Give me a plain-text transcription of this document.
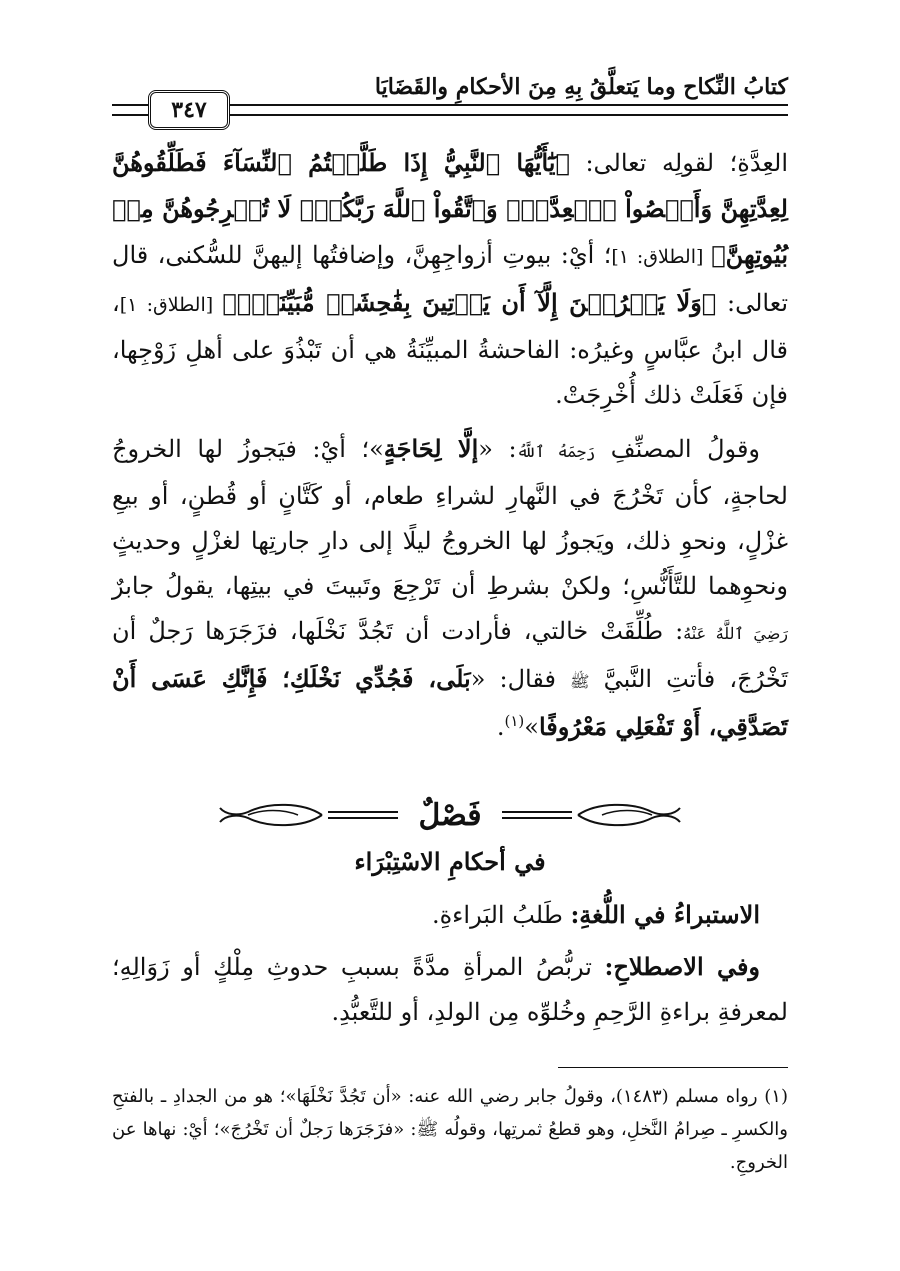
٣٤٧
كتابُ النِّكاح وما يَتعلَّقُ بِهِ مِنَ الأحكامِ والقَضَايَا

العِدَّةِ؛ لقولِه تعالى: ﴿يَٰٓأَيُّهَا ٱلنَّبِيُّ إِذَا طَلَّقۡتُمُ ٱلنِّسَآءَ فَطَلِّقُوهُنَّ لِعِدَّتِهِنَّ وَأَحۡصُواْ ٱلۡعِدَّةَۖ وَٱتَّقُواْ ٱللَّهَ رَبَّكُمۡۖ لَا تُخۡرِجُوهُنَّ مِنۢ بُيُوتِهِنَّ﴾ [الطلاق: ١]؛ أيْ: بيوتِ أزواجِهِنَّ، وإضافتُها إليهنَّ للسُّكنى، قال تعالى: ﴿وَلَا يَخۡرُجۡنَ إِلَّآ أَن يَأۡتِينَ بِفَٰحِشَةٖ مُّبَيِّنَةٖۚ﴾ [الطلاق: ١]، قال ابنُ عبَّاسٍ وغيرُه: الفاحشةُ المبيِّنَةُ هي أن تَبْذُوَ على أهلِ زَوْجِها، فإن فَعَلَتْ ذلك أُخْرِجَتْ.

وقولُ المصنِّفِ رَحِمَهُ ٱللَّهُ: «إلَّا لِحَاجَةٍ»؛ أيْ: فيَجوزُ لها الخروجُ لحاجةٍ، كأن تَخْرُجَ في النَّهارِ لشراءِ طعام، أو كَتَّانٍ أو قُطنٍ، أو بيعِ غزْلٍ، ونحوِ ذلك، ويَجوزُ لها الخروجُ ليلًا إلى دارِ جارتِها لغزْلٍ وحديثٍ ونحوِهما للتَّأَنُّسِ؛ ولكنْ بشرطِ أن تَرْجِعَ وتَبيتَ في بيتِها، يقولُ جابرٌ رَضِيَ ٱللَّهُ عَنْهُ: طُلِّقَتْ خالتي، فأرادت أن تَجُدَّ نَخْلَها، فزَجَرَها رَجلٌ أن تَخْرُجَ، فأتتِ النَّبيَّ ﷺ فقال: «بَلَى، فَجُدِّي نَخْلَكِ؛ فَإِنَّكِ عَسَى أَنْ تَصَدَّقِي، أَوْ تَفْعَلِي مَعْرُوفًا»$^{(١)}$.

فَصْلٌ
في أحكامِ الاسْتِبْرَاء

الاستبراءُ في اللُّغةِ: طَلبُ البَراءةِ.

وفي الاصطلاحِ: تربُّصُ المرأةِ مدَّةً بسببِ حدوثِ مِلْكٍ أو زَوَالِهِ؛ لمعرفةِ براءةِ الرَّحِمِ وخُلوِّه مِن الولدِ، أو للتَّعبُّدِ.

(١) رواه مسلم (١٤٨٣)، وقولُ جابر رضي الله عنه: «أن تَجُدَّ نَخْلَهَا»؛ هو من الجدادِ ـ بالفتحِ والكسرِ ـ صِرامُ النَّخلِ، وهو قطعُ ثمرتِها، وقولُه ﷺ: «فزَجَرَها رَجلٌ أن تَخْرُجَ»؛ أيْ: نهاها عن الخروجِ.
